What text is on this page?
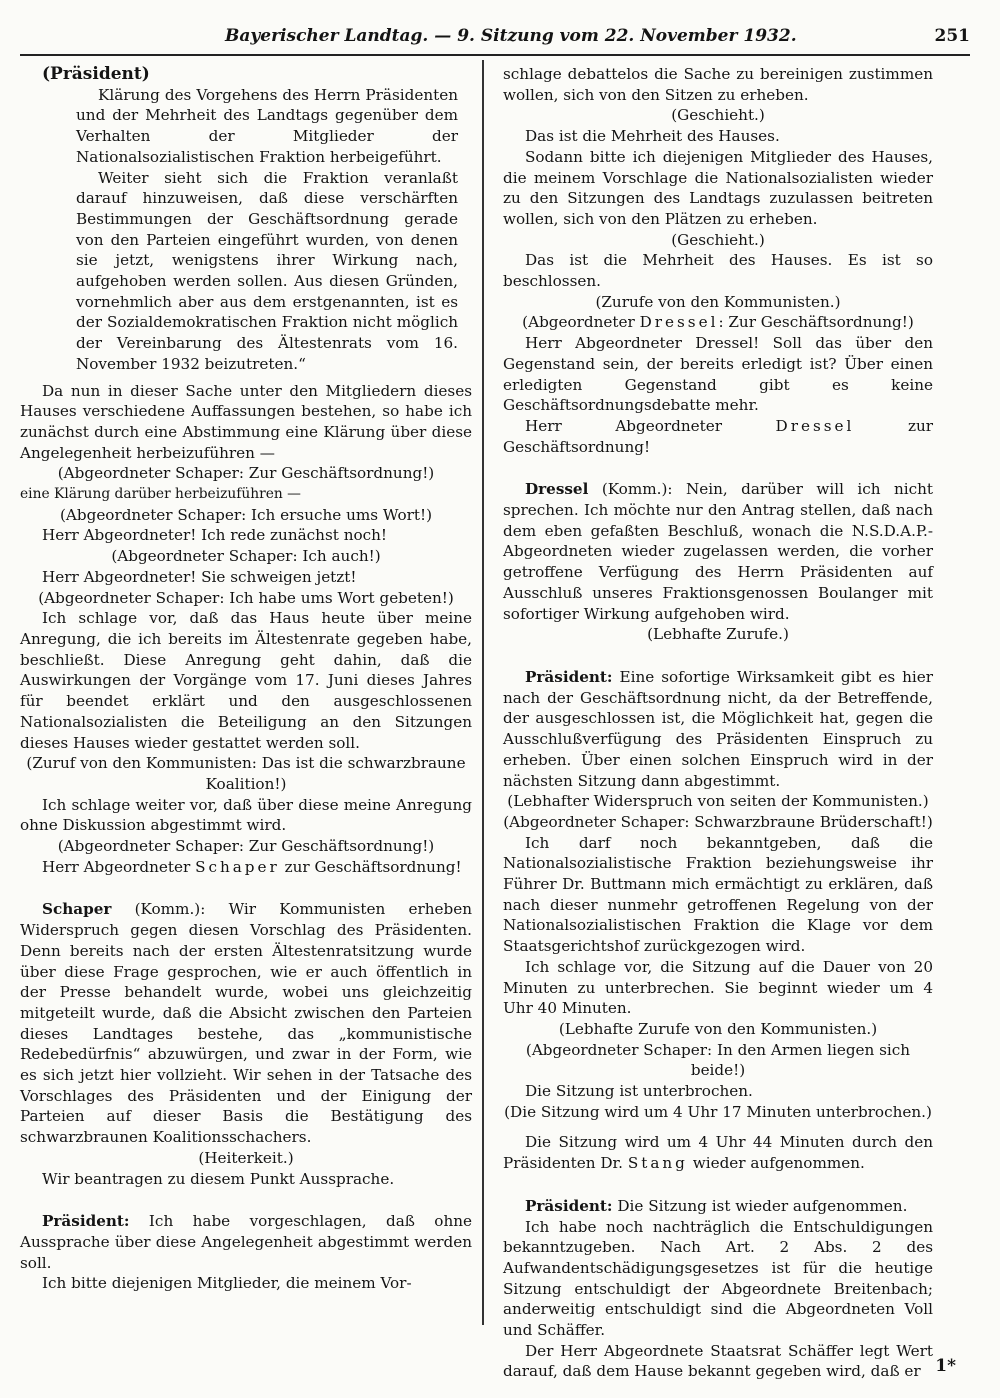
Bayerischer Landtag. — 9. Sitzung vom 22. November 1932.	251

(Präsident)

Klärung des Vorgehens des Herrn Präsidenten und der Mehrheit des Landtags gegenüber dem Verhalten der Mitglieder der Nationalsozialistischen Fraktion herbeigeführt.

Weiter sieht sich die Fraktion veranlaßt darauf hinzuweisen, daß diese verschärften Bestimmungen der Geschäftsordnung gerade von den Parteien eingeführt wurden, von denen sie jetzt, wenigstens ihrer Wirkung nach, aufgehoben werden sollen. Aus diesen Gründen, vornehmlich aber aus dem erstgenannten, ist es der Sozialdemokratischen Fraktion nicht möglich der Vereinbarung des Ältestenrats vom 16. November 1932 beizutreten.“

Da nun in dieser Sache unter den Mitgliedern dieses Hauses verschiedene Auffassungen bestehen, so habe ich zunächst durch eine Abstimmung eine Klärung über diese Angelegenheit herbeizuführen —

(Abgeordneter Schaper: Zur Geschäftsordnung!)

eine Klärung darüber herbeizuführen —

(Abgeordneter Schaper: Ich ersuche ums Wort!)

Herr Abgeordneter! Ich rede zunächst noch!

(Abgeordneter Schaper: Ich auch!)

Herr Abgeordneter! Sie schweigen jetzt!

(Abgeordneter Schaper: Ich habe ums Wort gebeten!)

Ich schlage vor, daß das Haus heute über meine Anregung, die ich bereits im Ältestenrate gegeben habe, beschließt. Diese Anregung geht dahin, daß die Auswirkungen der Vorgänge vom 17. Juni dieses Jahres für beendet erklärt und den ausgeschlossenen Nationalsozialisten die Beteiligung an den Sitzungen dieses Hauses wieder gestattet werden soll.

(Zuruf von den Kommunisten: Das ist die schwarzbraune Koalition!)

Ich schlage weiter vor, daß über diese meine Anregung ohne Diskussion abgestimmt wird.

(Abgeordneter Schaper: Zur Geschäftsordnung!)

Herr Abgeordneter Schaper zur Geschäftsordnung!

Schaper (Komm.): Wir Kommunisten erheben Widerspruch gegen diesen Vorschlag des Präsidenten. Denn bereits nach der ersten Ältestenratsitzung wurde über diese Frage gesprochen, wie er auch öffentlich in der Presse behandelt wurde, wobei uns gleichzeitig mitgeteilt wurde, daß die Absicht zwischen den Parteien dieses Landtages bestehe, das „kommunistische Redebedürfnis“ abzuwürgen, und zwar in der Form, wie es sich jetzt hier vollzieht. Wir sehen in der Tatsache des Vorschlages des Präsidenten und der Einigung der Parteien auf dieser Basis die Bestätigung des schwarzbraunen Koalitionsschachers.

(Heiterkeit.)

Wir beantragen zu diesem Punkt Aussprache.

Präsident: Ich habe vorgeschlagen, daß ohne Aussprache über diese Angelegenheit abgestimmt werden soll.

Ich bitte diejenigen Mitglieder, die meinem Vor-

schlage debattelos die Sache zu bereinigen zustimmen wollen, sich von den Sitzen zu erheben.

(Geschieht.)

Das ist die Mehrheit des Hauses.

Sodann bitte ich diejenigen Mitglieder des Hauses, die meinem Vorschlage die Nationalsozialisten wieder zu den Sitzungen des Landtags zuzulassen beitreten wollen, sich von den Plätzen zu erheben.

(Geschieht.)

Das ist die Mehrheit des Hauses. Es ist so beschlossen.

(Zurufe von den Kommunisten.)

(Abgeordneter Dressel: Zur Geschäftsordnung!)

Herr Abgeordneter Dressel! Soll das über den Gegenstand sein, der bereits erledigt ist? Über einen erledigten Gegenstand gibt es keine Geschäftsordnungsdebatte mehr.

Herr Abgeordneter	Dressel	zur Geschäftsordnung!

Dressel (Komm.): Nein, darüber will ich nicht sprechen. Ich möchte nur den Antrag stellen, daß nach dem eben gefaßten Beschluß, wonach die N.S.D.A.P.-Abgeordneten wieder zugelassen werden, die vorher getroffene Verfügung des Herrn Präsidenten auf Ausschluß unseres Fraktionsgenossen Boulanger mit sofortiger Wirkung aufgehoben wird.

(Lebhafte Zurufe.)

Präsident: Eine sofortige Wirksamkeit gibt es hier nach der Geschäftsordnung nicht, da der Betreffende, der ausgeschlossen ist, die Möglichkeit hat, gegen die Ausschlußverfügung des Präsidenten Einspruch zu erheben. Über einen solchen Einspruch wird in der nächsten Sitzung dann abgestimmt.

(Lebhafter Widerspruch von seiten der Kommunisten.)

(Abgeordneter Schaper: Schwarzbraune Brüderschaft!)

Ich darf noch bekanntgeben, daß die Nationalsozialistische Fraktion beziehungsweise ihr Führer Dr. Buttmann mich ermächtigt zu erklären, daß nach dieser nunmehr getroffenen Regelung von der Nationalsozialistischen Fraktion die Klage vor dem Staatsgerichtshof zurückgezogen wird.

Ich schlage vor, die Sitzung auf die Dauer von 20 Minuten zu unterbrechen. Sie beginnt wieder um 4 Uhr 40 Minuten.

(Lebhafte Zurufe von den Kommunisten.)

(Abgeordneter Schaper: In den Armen liegen sich beide!)

Die Sitzung ist unterbrochen.

(Die Sitzung wird um 4 Uhr 17 Minuten unterbrochen.)

Die Sitzung wird um 4 Uhr 44 Minuten durch den Präsidenten Dr. Stang wieder aufgenommen.

Präsident: Die Sitzung ist wieder aufgenommen.

Ich habe noch nachträglich die Entschuldigungen bekanntzugeben. Nach Art. 2 Abs. 2 des Aufwandentschädigungsgesetzes ist für die heutige Sitzung entschuldigt der Abgeordnete Breitenbach; anderweitig entschuldigt sind die Abgeordneten Voll und Schäffer.

Der Herr Abgeordnete Staatsrat Schäffer legt Wert darauf, daß dem Hause bekannt gegeben wird, daß er 1*
